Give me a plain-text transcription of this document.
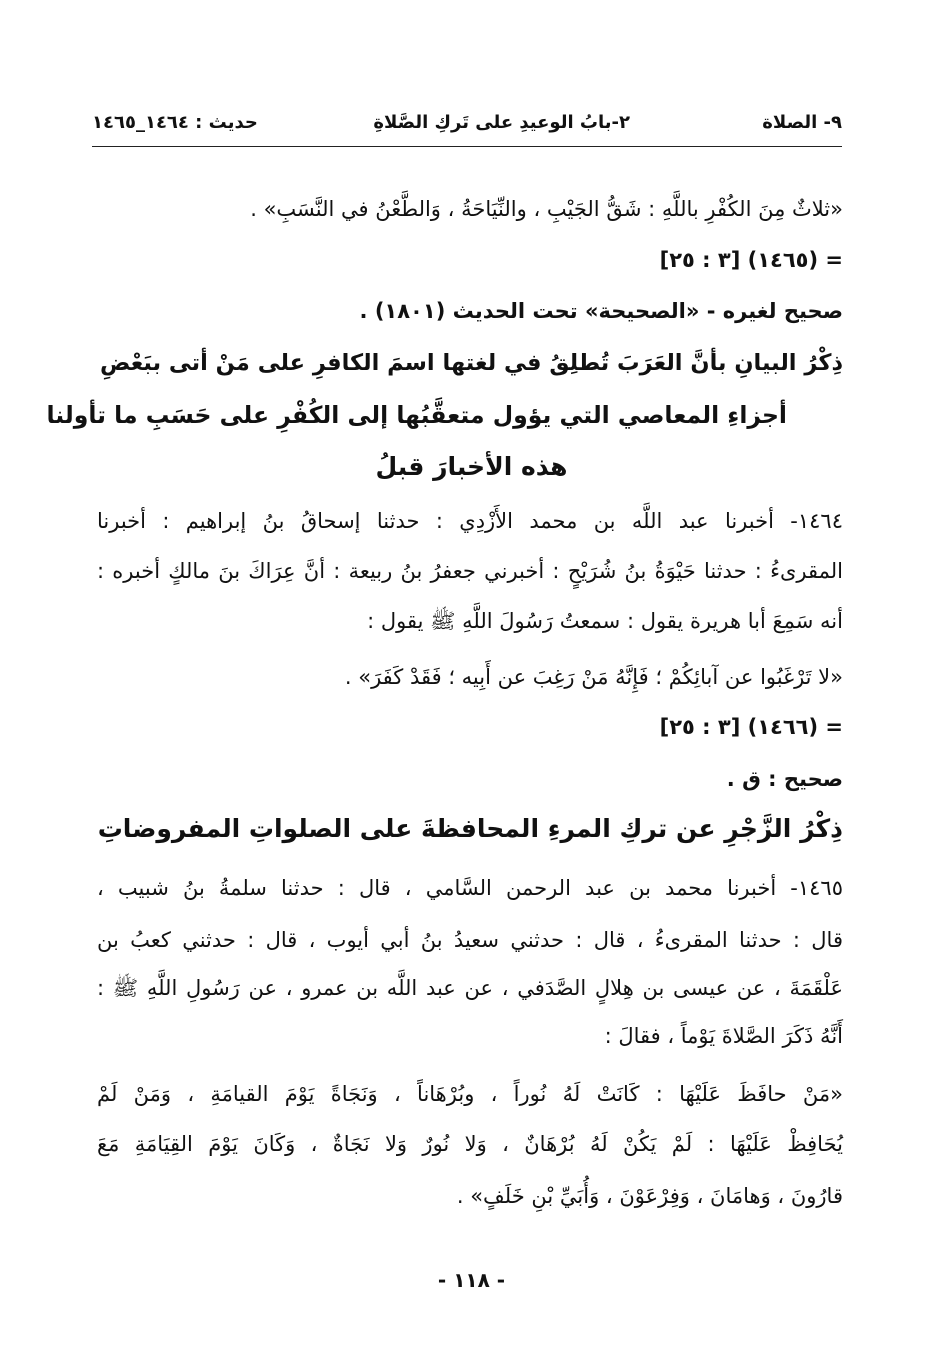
٩- الصلاة
٢-بابُ الوعيدِ على تَركِ الصَّلاةِ
حديث : ١٤٦٤_١٤٦٥
«ثلاثٌ مِنَ الكُفْرِ باللَّهِ : شَقُّ الجَيْبِ ، والنِّيَاحَةُ ، وَالطَّعْنُ في النَّسَبِ» .
= (١٤٦٥) [٣ : ٢٥]
صحيح لغيره - «الصحيحة» تحت الحديث (١٨٠١) .
ذِكْرُ البيانِ بأنَّ العَرَبَ تُطلِقُ في لغتها اسمَ الكافرِ على مَنْ أتى ببَعْضِ
أجزاءِ المعاصي التي يؤول متعقَّبُها إلى الكُفْرِ على حَسَبِ ما تأولنا
هذه الأخبارَ قبلُ
١٤٦٤- أخبرنا عبد اللَّه بن محمد الأَزْدِي : حدثنا إسحاقُ بنُ إبراهيم : أخبرنا
المقرىءُ : حدثنا حَيْوَةُ بنُ شُرَيْحٍ : أخبرني جعفرُ بنُ ربيعة : أنَّ عِرَاكَ بنَ مالكٍ أخبره :
أنه سَمِعَ أبا هريرة يقول : سمعتُ رَسُولَ اللَّهِ ﷺ يقول :
«لا تَرْغَبُوا عن آبائِكُمْ ؛ فَإِنَّهُ مَنْ رَغِبَ عن أَبِيه ؛ فَقَدْ كَفَرَ» .
= (١٤٦٦) [٣ : ٢٥]
صحيح : ق .
ذِكْرُ الزَّجْرِ عن تركِ المرءِ المحافظةَ على الصلواتِ المفروضاتِ
١٤٦٥- أخبرنا محمد بن عبد الرحمن السَّامي ، قال : حدثنا سلمةُ بنُ شبيب ،
قال : حدثنا المقرىءُ ، قال : حدثني سعيدُ بنُ أبي أيوب ، قال : حدثني كعبُ بن
عَلْقَمَةَ ، عن عيسى بن هِلالٍ الصَّدَفي ، عن عبد اللَّه بن عمرو ، عن رَسُولِ اللَّهِ ﷺ :
أَنَّهُ ذَكَرَ الصَّلاةَ يَوْماً ، فقالَ :
«مَنْ حافَظَ عَلَيْهَا : كَانَتْ لَهُ نُوراً ، وبُرْهَاناً ، وَنَجَاةً يَوْمَ القيامَةِ ، وَمَنْ لَمْ
يُحَافِظْ عَلَيْهَا : لَمْ يَكُنْ لَهُ بُرْهَانٌ ، وَلا نُورٌ وَلا نَجَاةٌ ، وَكَانَ يَوْمَ القِيَامَةِ مَعَ
قارُونَ ، وَهامَانَ ، وَفِرْعَوْنَ ، وَأُبَيِّ بْنِ خَلَفٍ» .
- ١١٨ -
